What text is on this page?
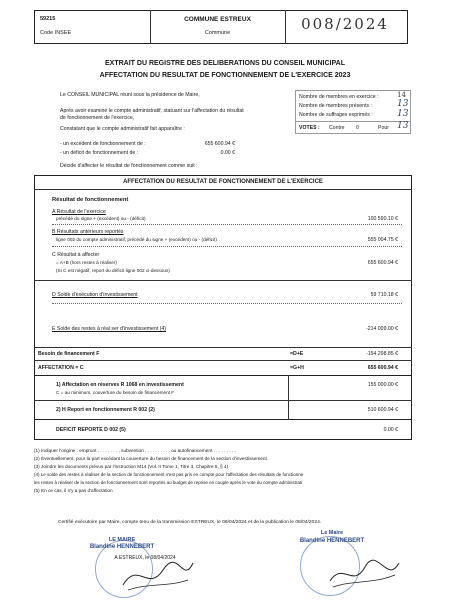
59215
Code INSEE
COMMUNE ESTREUX
Commune	008/2024
EXTRAIT DU REGISTRE DES DELIBERATIONS DU CONSEIL MUNICIPAL
AFFECTATION DU RESULTAT DE FONCTIONNEMENT DE L'EXERCICE 2023
Le CONSEIL MUNICIPAL réuni sous la présidence de Maire,
Après avoir examiné le compte administratif, statuant sur l'affectation du résultat
de fonctionnement de l'exercice,
Constatant que le compte administratif fait apparaître :
- un excédent de fonctionnement de :	655 600.94 €
- un déficit de fonctionnement de :	0.00 €
Décide d'affecter le résultat de fonctionnement comme suit :
Nombre de membres en exercice :	14
Nombre de membres présents :	13
Nombre de suffrages exprimés :	13
VOTES : Contre 0	Pour 13
AFFECTATION DU RESULTAT DE FONCTIONNEMENT DE L'EXERCICE
Résultat de fonctionnement
A Résultat de l'exercice
précédé du signe + (excédent) ou - (déficit)	100 590.10 €
B Résultats antérieurs reportés
ligne 002 du compte administratif, précédé du signe + (excédent) ou - (déficit)	555 004.75 €
C Résultat à affecter
= A+B (hors restes à réaliser)
(Si C est négatif, report du déficit ligne 002 ci-dessous)
655 600.94 €
D Solde d'exécution d'investissement	59 710.18 €
E Solde des restes à réal ser d'investissement (4)	-214 009.00 €
Besoin de financement F	=D+E	-154 298.85 €
AFFECTATION = C	=G+H	655 600.94 €
1) Affectation en réserves R 1068 en investissement
C = au minimum, couverture du besoin de financement F
155 000.00 €
2) H Report en fonctionnement R 002 (2)	510 600.94 €
DEFICIT REPORTE D 002 (5)	0.00 €
(1) Indiquer l'origine : emprunt . . . . . . . . , subvention . . . . . . . . . . ou autofinancement . . . . . . . . .
(2) Éventuellement, pour la part excédant la couverture du besoin de financement de la section d'investissement.
(3) Joindre les documents prévus par l'instruction M14 (Vol. II Tome 1, Titre 3, Chapitre 5, § 4)
(4) Le solde des restes à réaliser de la section de fonctionnement n'est pas pris en compte pour l'affectation des résultats de fonctionne
les restes à réaliser de la section de fonctionnement sont reportés au budget de reprise en couple après le vote du compte administrati
(5) En ce cas, il n'y a pas d'affectation
Certifié exécutoire par Maire, compte tenu de la transmission ESTREUX, le 08/04/2024 et de la publication le 08/04/2024.
LE MAIRE
Blandine HENNEBERT
A ESTREUX, le 08/04/2024
Le Maire
Blandine HENNEBERT
